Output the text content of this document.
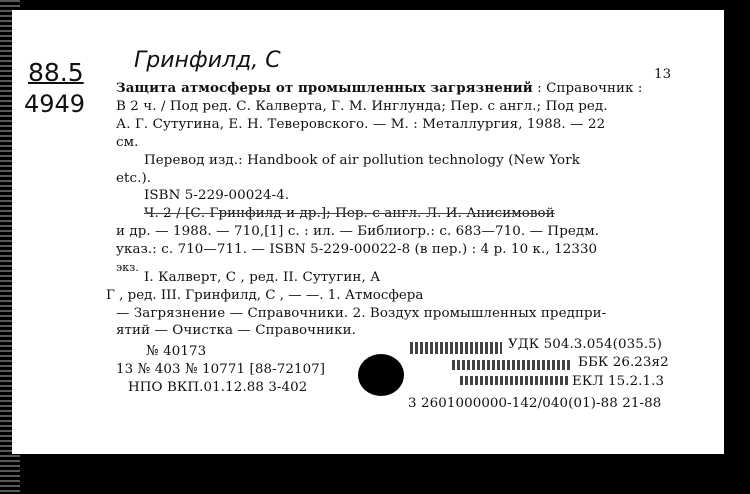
88.5
4949
Гринфилд, С
13
Защита атмосферы от промышленных загрязнений : Справочник :
В 2 ч. / Под ред. С. Калверта, Г. М. Инглунда; Пер. с англ.; Под ред.
А. Г. Сутугина, Е. Н. Теверовского. — М. : Металлургия, 1988. — 22
см.
Перевод изд.: Handbook of air pollution technology (New York
etc.).
ISBN 5-229-00024-4.
Ч. 2 / [С. Гринфилд и др.]; Пер. с англ. Л. И. Анисимовой
и др. — 1988. — 710,[1] с. : ил. — Библиогр.: с. 683—710. — Предм.
указ.: с. 710—711. — ISBN 5-229-00022-8 (в пер.) : 4 р. 10 к., 12330
экз.
I. Калверт, С , ред. II. Сутугин, А
Г , ред. III. Гринфилд, С , — —. 1. Атмосфера
— Загрязнение — Справочники. 2. Воздух промышленных предпри-
ятий — Очистка — Справочники.
№ 40173
13 № 403 № 10771 [88-72107]
НПО ВКП.01.12.88 3-402
УДК 504.3.054(035.5)
ББК 26.23я2
ЕКЛ 15.2.1.3
3 2601000000-142/040(01)-88 21-88
